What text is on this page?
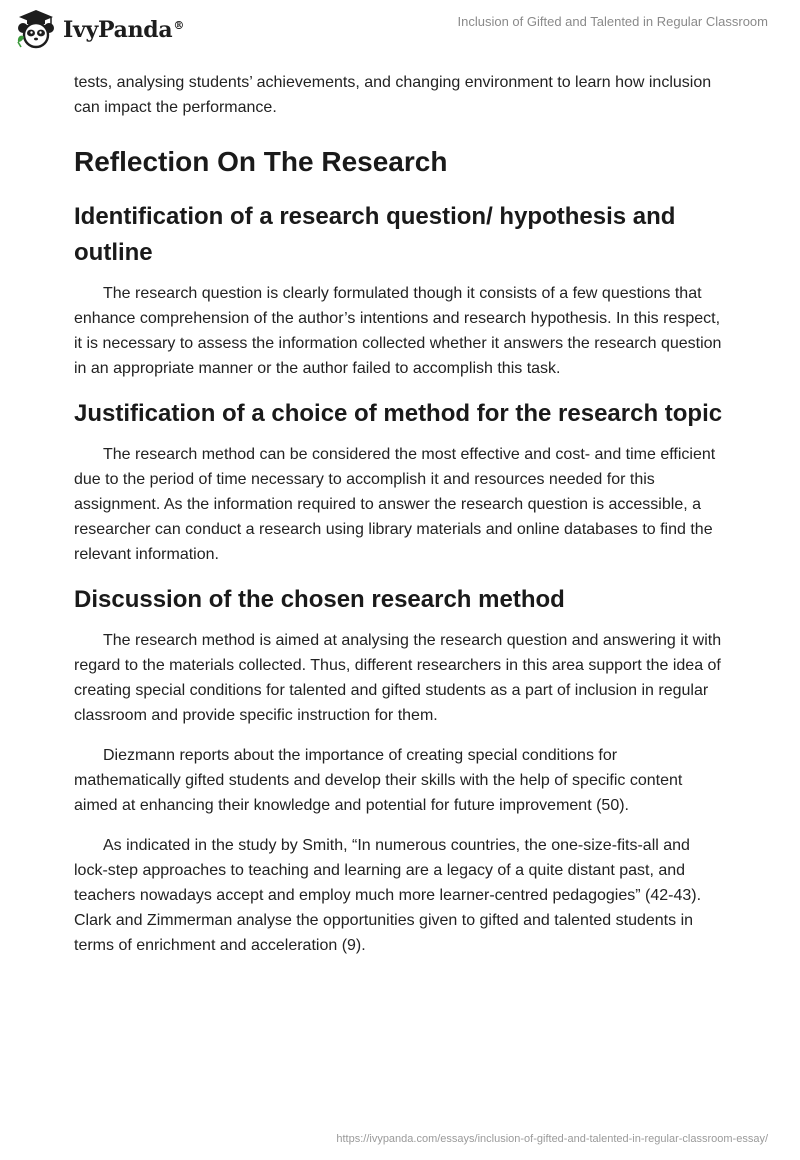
IvyPanda®	Inclusion of Gifted and Talented in Regular Classroom

tests, analysing students’ achievements, and changing environment to learn how inclusion can impact the performance.

Reflection On The Research
Identification of a research question/ hypothesis and outline

The research question is clearly formulated though it consists of a few questions that enhance comprehension of the author’s intentions and research hypothesis. In this respect, it is necessary to assess the information collected whether it answers the research question in an appropriate manner or the author failed to accomplish this task.

Justification of a choice of method for the research topic

The research method can be considered the most effective and cost- and time efficient due to the period of time necessary to accomplish it and resources needed for this assignment. As the information required to answer the research question is accessible, a researcher can conduct a research using library materials and online databases to find the relevant information.

Discussion of the chosen research method

The research method is aimed at analysing the research question and answering it with regard to the materials collected. Thus, different researchers in this area support the idea of creating special conditions for talented and gifted students as a part of inclusion in regular classroom and provide specific instruction for them.

Diezmann reports about the importance of creating special conditions for mathematically gifted students and develop their skills with the help of specific content aimed at enhancing their knowledge and potential for future improvement (50).

As indicated in the study by Smith, “In numerous countries, the one-size-fits-all and lock-step approaches to teaching and learning are a legacy of a quite distant past, and teachers nowadays accept and employ much more learner-centred pedagogies” (42-43). Clark and Zimmerman analyse the opportunities given to gifted and talented students in terms of enrichment and acceleration (9).

https://ivypanda.com/essays/inclusion-of-gifted-and-talented-in-regular-classroom-essay/
